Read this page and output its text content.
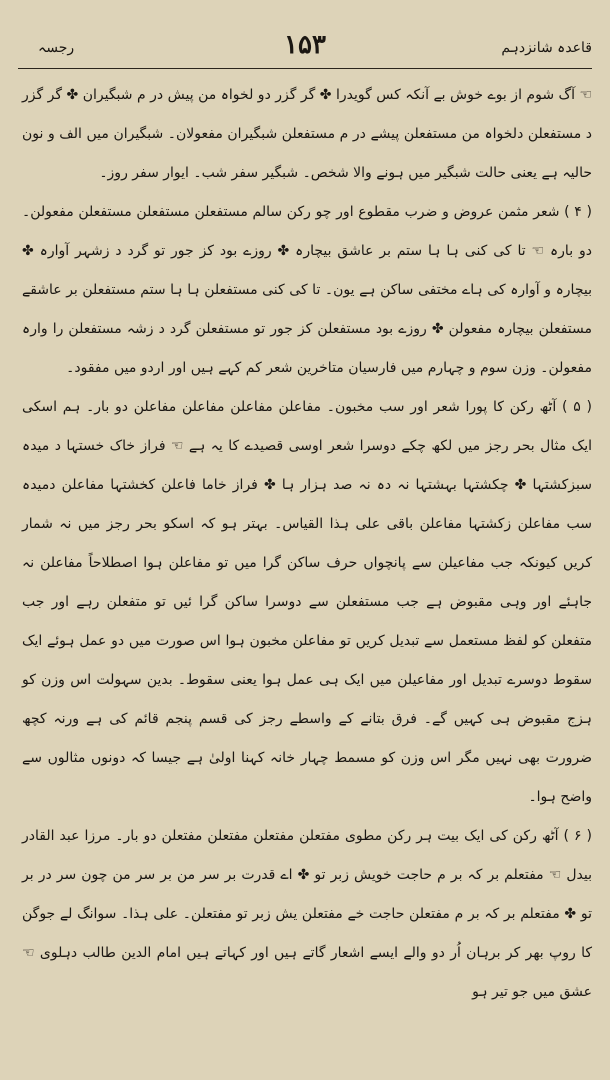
قاعدہ شانزدہم
۱۵۳
رجسہ

☜ آگ شوم از بوے خوش بے آنکہ کس گویدرا ✤ گر گزر دو لخواہ من پیش در م شبگیران ✤ گر گزر د مستفعلن دلخواہ من مستفعلن پیشے در م مستفعلن شبگیران مفعولان۔ شبگیران میں الف و نون حالیہ ہے یعنی حالت شبگیر میں ہونے والا شخص۔ شبگیر سفر شب۔ ایوار سفر روز۔

( ۴ ) شعر مثمن عروض و ضرب مقطوع اور چو رکن سالم مستفعلن مستفعلن مستفعلن مفعولن۔ دو بارہ ☜ تا کی کنی ہا ہا ستم بر عاشق بیچارہ ✤ روزے بود کز جور تو گرد د زشہر آوارہ ✤ بیچارہ و آوارہ کی ہاے مختفی ساکن ہے یون۔ تا کی کنی مستفعلن ہا ہا ستم مستفعلن بر عاشقے مستفعلن بیچارہ مفعولن ✤ روزے بود مستفعلن کز جور تو مستفعلن گرد د زشہ مستفعلن را وارہ مفعولن۔ وزن سوم و چہارم میں فارسیان متاخرین شعر کم کہے ہیں اور اردو میں مفقود۔

( ۵ ) آٹھ رکن کا پورا شعر اور سب مخبون۔ مفاعلن مفاعلن مفاعلن مفاعلن دو بار۔ ہم اسکی ایک مثال بحر رجز میں لکھ چکے دوسرا شعر اوسی قصیدے کا یہ ہے ☜ فراز خاک خستہا د میدہ سبزکشتہا ✤ چکشتہا بہشتہا نہ دہ نہ صد ہزار ہا ✤ فراز خاما فاعلن کخشتہا مفاعلن دمیدہ سب مفاعلن زکشتہا مفاعلن باقی علی ہذا القیاس۔ بہتر ہو کہ اسکو بحر رجز میں نہ شمار کریں کیونکہ جب مفاعیلن سے پانچواں حرف ساکن گرا میں تو مفاعلن ہوا اصطلاحاً مفاعلن نہ جاہئے اور وہی مقبوض ہے جب مستفعلن سے دوسرا ساکن گرا ئیں تو متفعلن رہے اور جب متفعلن کو لفظ مستعمل سے تبدیل کریں تو مفاعلن مخبون ہوا اس صورت میں دو عمل ہوئے ایک سقوط دوسرے تبدیل اور مفاعیلن میں ایک ہی عمل ہوا یعنی سقوط۔ بدین سہولت اس وزن کو ہزج مقبوض ہی کہیں گے۔ فرق بتانے کے واسطے رجز کی قسم پنجم قائم کی ہے ورنہ کچھ ضرورت بھی نہیں مگر اس وزن کو مسمط چہار خانہ کہنا اولیٰ ہے جیسا کہ دونوں مثالوں سے واضح ہوا۔

( ۶ ) آٹھ رکن کی ایک بیت ہر رکن مطوی مفتعلن مفتعلن مفتعلن مفتعلن دو بار۔ مرزا عبد القادر بیدل ☜ مفتعلم بر کہ بر م حاجت خویش زبر تو ✤ اے قدرت بر سر من بر سر من چون سر در بر تو ✤ مفتعلم بر کہ بر م مفتعلن حاجت خے مفتعلن یش زبر تو مفتعلن۔ علی ہذا۔ سوانگ لے جوگن کا روپ بھر کر برہان اُر دو والے ایسے اشعار گاتے ہیں اور کہاتے ہیں امام الدین طالب دہلوی ☜ عشق میں جو تیر ہو
